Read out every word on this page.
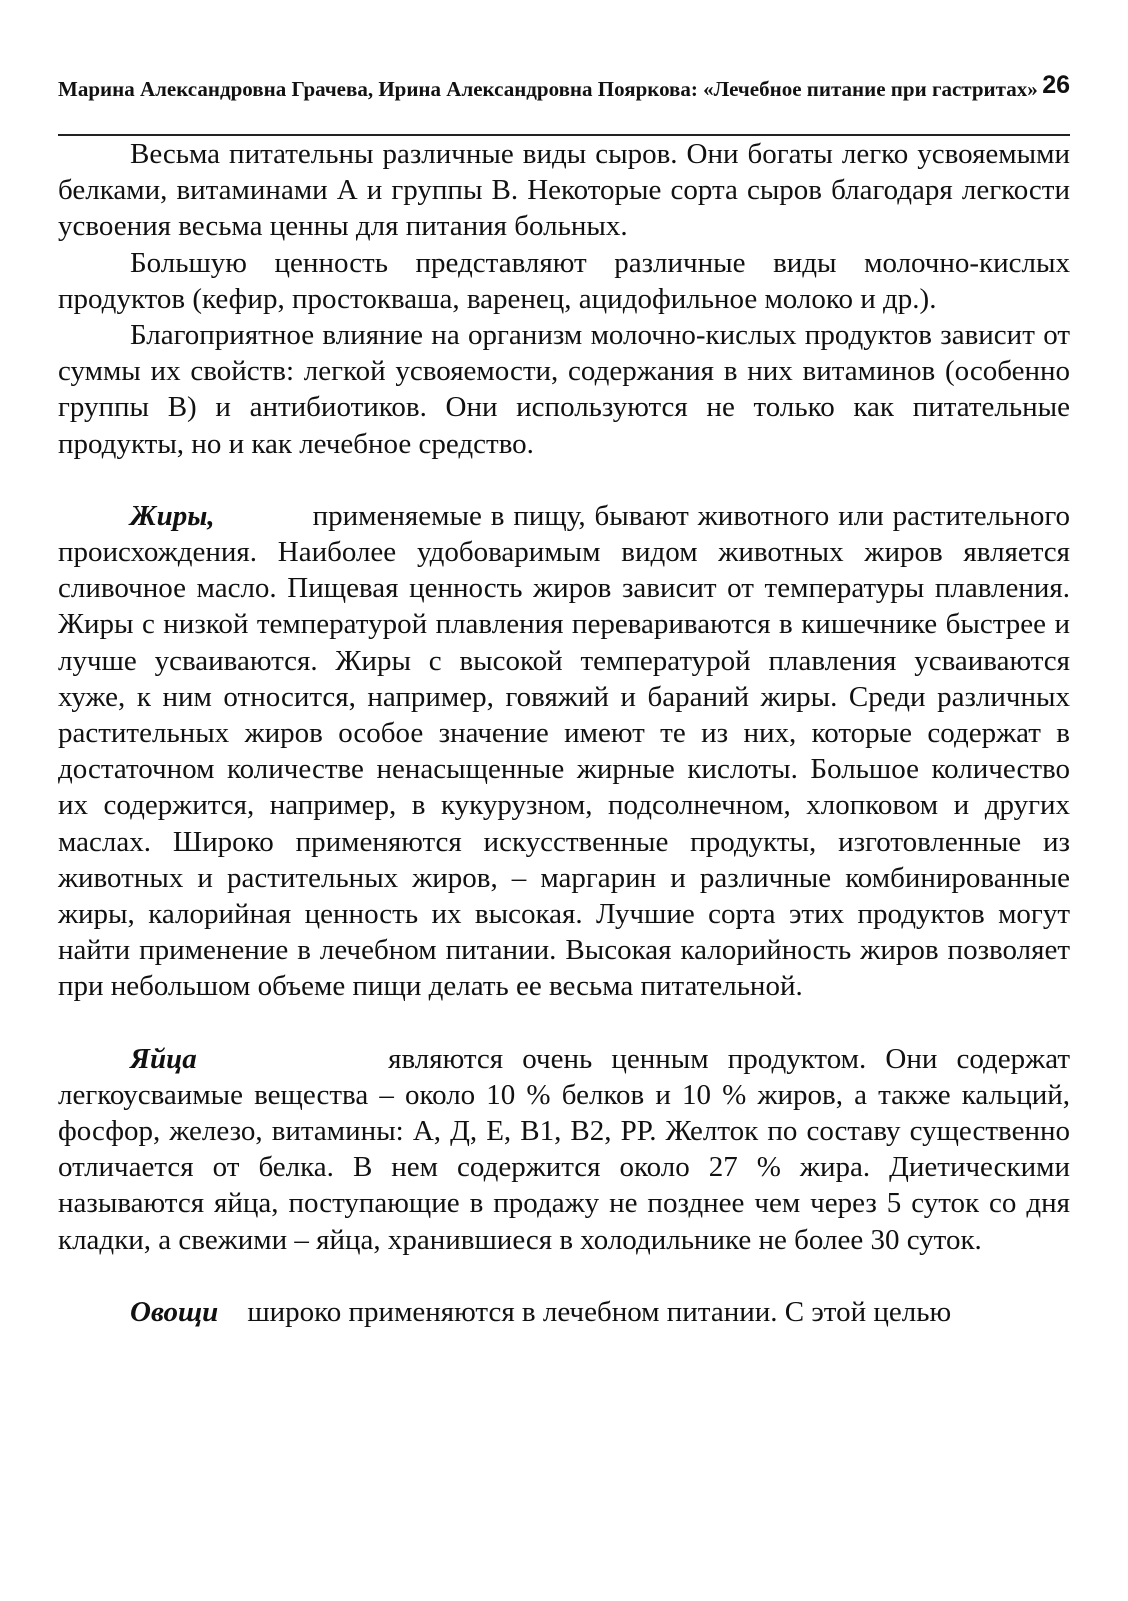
Марина Александровна Грачева, Ирина Александровна Пояркова: «Лечебное питание при гастритах» 26

Весьма питательны различные виды сыров. Они богаты легко усвояемыми белками, витаминами А и группы В. Некоторые сорта сыров благодаря легкости усвоения весьма ценны для питания больных.

Большую ценность представляют различные виды молочно-кислых продуктов (кефир, простокваша, варенец, ацидофильное молоко и др.).

Благоприятное влияние на организм молочно-кислых продуктов зависит от суммы их свойств: легкой усвояемости, содержания в них витаминов (особенно группы В) и антибиотиков. Они используются не только как питательные продукты, но и как лечебное средство.

Жиры,	применяемые в пищу, бывают животного или растительного происхождения. Наиболее удобоваримым видом животных жиров является сливочное масло. Пищевая ценность жиров зависит от температуры плавления. Жиры с низкой температурой плавления перевариваются в кишечнике быстрее и лучше усваиваются. Жиры с высокой температурой плавления усваиваются хуже, к ним относится, например, говяжий и бараний жиры. Среди различных растительных жиров особое значение имеют те из них, которые содержат в достаточном количестве ненасыщенные жирные кислоты. Большое количество их содержится, например, в кукурузном, подсолнечном, хлопковом и других маслах. Широко применяются искусственные продукты, изготовленные из животных и растительных жиров, – маргарин и различные комбинированные жиры, калорийная ценность их высокая. Лучшие сорта этих продуктов могут найти применение в лечебном питании. Высокая калорийность жиров позволяет при небольшом объеме пищи делать ее весьма питательной.

Яйца	являются очень ценным продуктом. Они содержат легкоусваимые вещества – около 10 % белков и 10 % жиров, а также кальций, фосфор, железо, витамины: А, Д, Е, В1, В2, РР. Желток по составу существенно отличается от белка. В нем содержится около 27 % жира. Диетическими называются яйца, поступающие в продажу не позднее чем через 5 суток со дня кладки, а свежими – яйца, хранившиеся в холодильнике не более 30 суток.

Овощи широко применяются в лечебном питании. С этой целью
